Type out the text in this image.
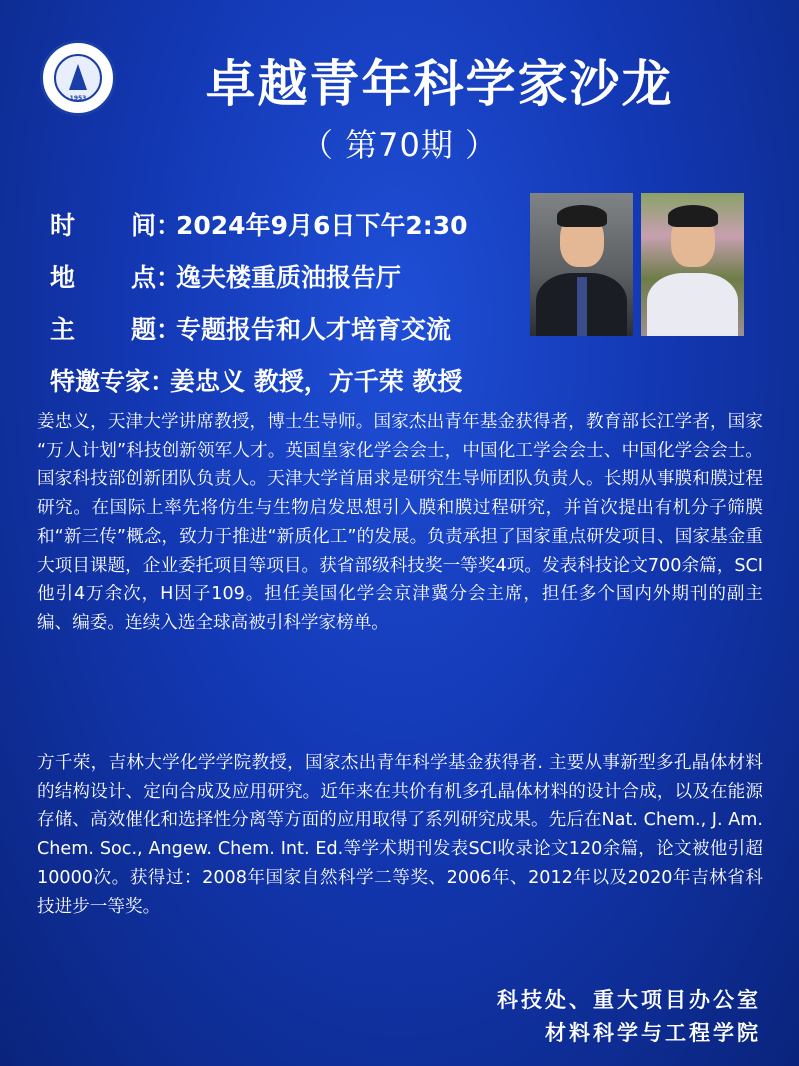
1953	卓越青年科学家沙龙
（ 第70期 ）
时 间 ：
2024年9月6日下午2:30
地 点 ：
逸夫楼重质油报告厅
主 题 ：
专题报告和人才培育交流
特邀专家 ：
姜忠义 教授，方千荣 教授

姜忠义，天津大学讲席教授，博士生导师。国家杰出青年基金获得者，教育部长江学者，国家 “万人计划”科技创新领军人才。英国皇家化学会会士，中国化工学会会士、中国化学会会士。国家科技部创新团队负责人。天津大学首届求是研究生导师团队负责人。长期从事膜和膜过程研究。在国际上率先将仿生与生物启发思想引入膜和膜过程研究，并首次提出有机分子筛膜和“新三传”概念，致力于推进“新质化工”的发展。负责承担了国家重点研发项目、国家基金重大项目课题，企业委托项目等项目。获省部级科技奖一等奖4项。发表科技论文700余篇，SCI他引4万余次，H因子109。担任美国化学会京津冀分会主席，担任多个国内外期刊的副主编、编委。连续入选全球高被引科学家榜单。

方千荣，吉林大学化学学院教授，国家杰出青年科学基金获得者. 主要从事新型多孔晶体材料的结构设计、定向合成及应用研究。近年来在共价有机多孔晶体材料的设计合成，以及在能源存储、高效催化和选择性分离等方面的应用取得了系列研究成果。先后在Nat. Chem., J. Am. Chem. Soc., Angew. Chem. Int. Ed.等学术期刊发表SCI收录论文120余篇，论文被他引超10000次。获得过：2008年国家自然科学二等奖、2006年、2012年以及2020年吉林省科技进步一等奖。

科技处、重大项目办公室
材料科学与工程学院
